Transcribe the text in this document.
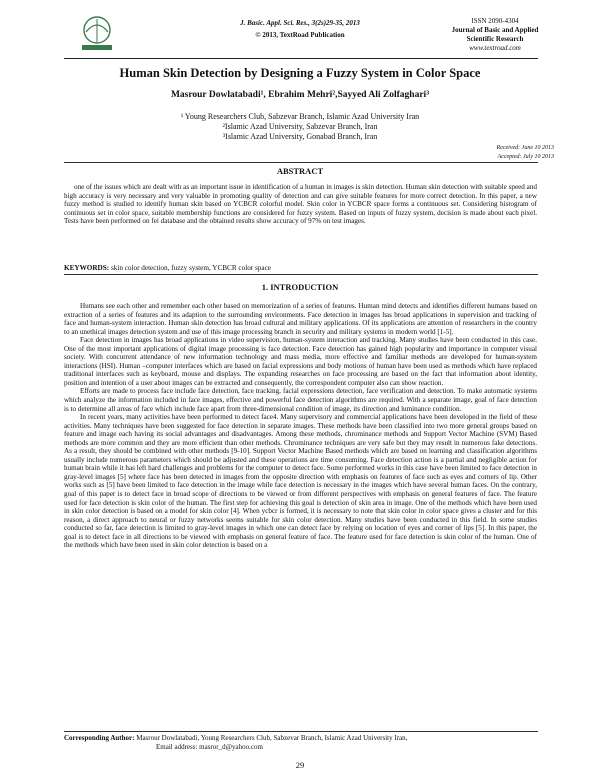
J. Basic. Appl. Sci. Res., 3(2s)29-35, 2013
© 2013, TextRoad Publication
ISSN 2090-4304
Journal of Basic and Applied
Scientific Research
www.textroad.com
Human Skin Detection by Designing a Fuzzy System in Color Space
Masrour Dowlatabadi¹, Ebrahim Mehri²,Sayyed Ali Zolfaghari³
¹ Young Researchers Club, Sabzevar Branch, Islamic Azad University Iran
²Islamic Azad University, Sabzevar Branch, Iran
³Islamic Azad University, Gonabad Branch, Iran
Received: June 10 2013
Accepted: July 10 2013
ABSTRACT

one of the issues which are dealt with as an important issue in identification of a human in images is skin detection. Human skin detection with suitable speed and high accuracy is very necessary and very valuable in promoting quality of detection and can give suitable features for more correct detection. In this paper, a new fuzzy method is studied to identify human skin based on YCBCR colorful model. Skin color in YCBCR space forms a continuous set. Considering histogram of continuous set in color space, suitable membership functions are considered for fuzzy system. Based on inputs of fuzzy system, decision is made about each pixel. Tests have been performed on fei database and the obtained results show accuracy of 97% on test images.

KEYWORDS: skin color detection, fuzzy system, YCBCR color space
1. INTRODUCTION

Humans see each other and remember each other based on memorization of a series of features. Human mind detects and identifies different humans based on extraction of a series of features and its adaption to the surrounding environments. Face detection in images has broad applications in supervision and tracking of face and human-system interaction. Human skin detection has broad cultural and military applications. Of its applications are attention of researchers in the country to an unethical images detection system and use of this image processing branch in security and military systems in modern world [1-5].

Face detection in images has broad applications in video supervision, human-system interaction and tracking. Many studies have been conducted in this case. One of the most important applications of digital image processing is face detection. Face detection has gained high popularity and importance in computer visual society. With concurrent attendance of new information technology and mass media, more effective and familiar methods are developed for human-system interactions (HSI). Human –computer interfaces which are based on facial expressions and body motions of human have been used as methods which have replaced traditional interfaces such as keyboard, mouse and displays. The expanding researches on face processing are based on the fact that information about identity, position and intention of a user about images can be extracted and consequently, the correspondent computer also can show reaction.

Efforts are made to process face include face detection, face tracking, facial expressions detection, face verification and detection. To make automatic systems which analyze the information included in face images, effective and powerful face detection algorithms are required. With a separate image, goal of face detection is to determine all areas of face which include face apart from three-dimensional condition of image, its direction and luminance condition.

In recent years, many activities have been performed to detect face4. Many supervisory and commercial applications have been developed in the field of these activities. Many techniques have been suggested for face detection in separate images. These methods have been classified into two more general groups based on feature and image each having its social advantages and disadvantages. Among these methods, chrominance methods and Support Vector Machine (SVM) Based methods are more common and they are more efficient than other methods. Chrominance techniques are very safe but they may result in numerous fake detections. As a result, they should be combined with other methods [9-10]. Support Vector Machine Based methods which are based on learning and classification algorithms usually include numerous parameters which should be adjusted and these operations are time consuming. Face detection action is a partial and negligible action for human brain while it has left hard challenges and problems for the computer to detect face. Some performed works in this case have been limited to face detection in gray-level images [5] where face has been detected in images from the opposite direction with emphasis on features of face such as eyes and corners of lip. Other works such as [5] have been limited to face detection in the image while face detection is necessary in the images which have several human faces. On the contrary, goal of this paper is to detect face in broad scope of directions to be viewed or from different perspectives with emphasis on general features of face. The feature used for face detection is skin color of the human. The first step for achieving this goal is detection of skin area in image. One of the methods which have been used in skin color detection is based on a model for skin color [4]. When ycbcr is formed, it is necessary to note that skin color in color space gives a cluster and for this reason, a direct approach to neural or fuzzy networks seems suitable for skin color detection. Many studies have been conducted in this field. In some studies conducted so far, face detection is limited to gray-level images in which one can detect face by relying on location of eyes and corner of lips [5]. In this paper, the goal is to detect face in all directions to be viewed with emphasis on general feature of face. The feature used for face detection is skin color of the human. One of the methods which have been used in skin color detection is based on a

Corresponding Author: Masrour Dowlatabadi, Young Researchers Club, Sabzevar Branch, Islamic Azad University Iran,
Email address: masror_d@yahoo.com
29
